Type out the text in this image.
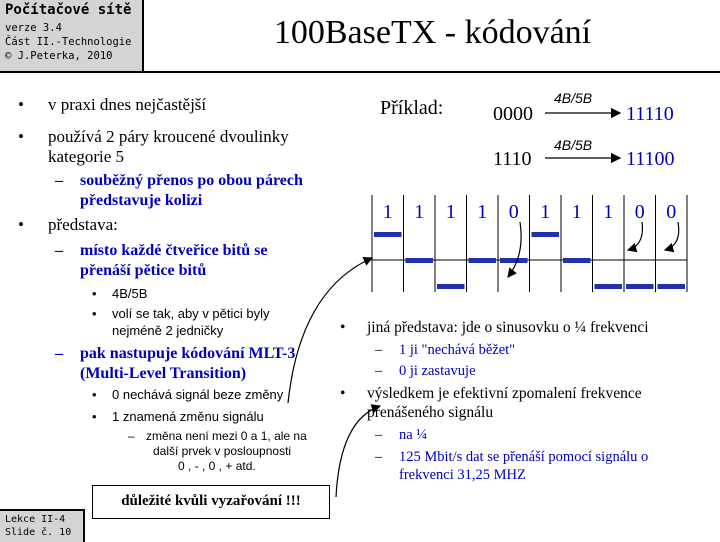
Počítačové sítě
verze 3.4
Část II.-Technologie
© J.Peterka, 2010
100BaseTX - kódování
• v praxi dnes nejčastější
• používá 2 páry kroucené dvoulinky
kategorie 5
– souběžný přenos po obou párech
představuje kolizi
• představa:
– místo každé čtveřice bitů se
přenáší pětice bitů
• 4B/5B
• volí se tak, aby v pětici byly
nejméně 2 jedničky
– pak nastupuje kódování MLT-3
(Multi-Level Transition)
• 0 nechává signál beze změny
• 1 znamená změnu signálu
– změna není mezi 0 a 1, ale na
další prvek v posloupnosti
0 , - , 0 , + atd.
důležité kvůli vyzařování !!!
Příklad: 0000	11110
4B/5B
1110	11100
4B/5B
1 1 1 1 0 1 1 1 0 0
• jiná představa: jde o sinusovku o ¼ frekvenci
– 1 ji "nechává běžet"
– 0 ji zastavuje
• výsledkem je efektivní zpomalení frekvence
přenášeného signálu
– na ¼
– 125 Mbit/s dat se přenáší pomocí signálu o
frekvenci 31,25 MHZ
Lekce II-4
Slide č. 10
